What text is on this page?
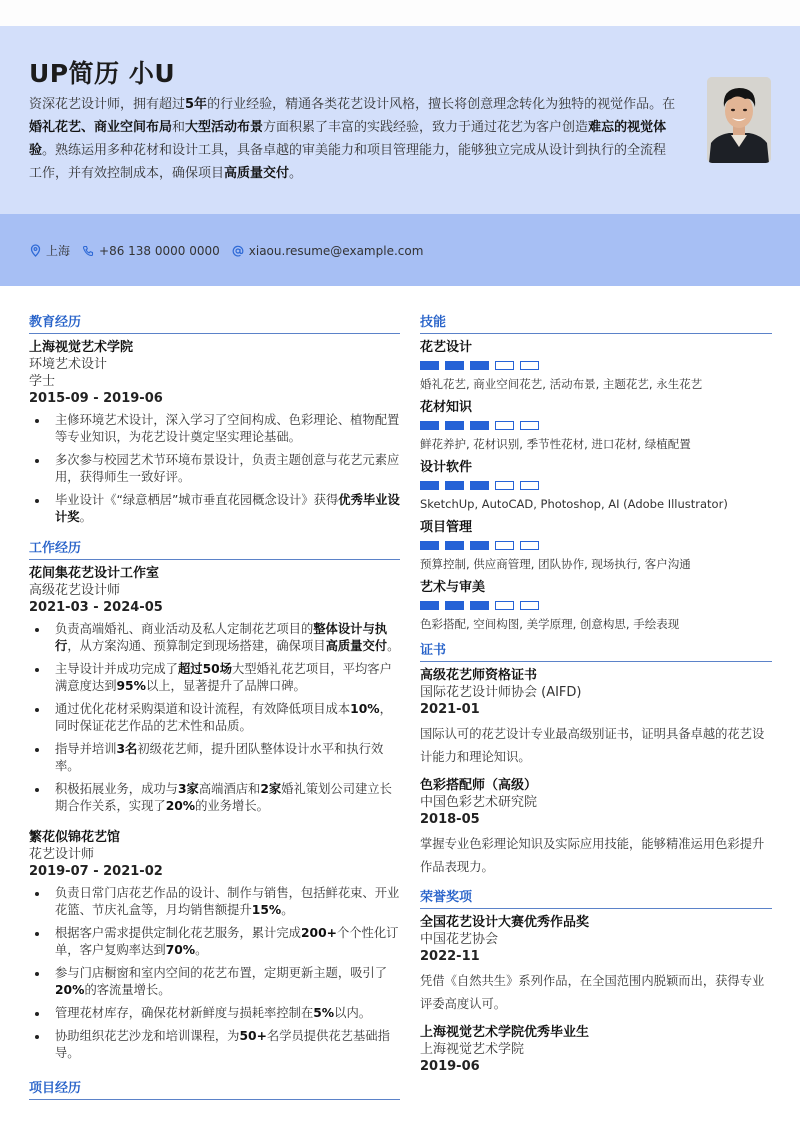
UP简历 小U

资深花艺设计师，拥有超过5年的行业经验，精通各类花艺设计风格，擅长将创意理念转化为独特的视觉作品。在婚礼花艺、商业空间布局和大型活动布景方面积累了丰富的实践经验，致力于通过花艺为客户创造难忘的视觉体验。熟练运用多种花材和设计工具，具备卓越的审美能力和项目管理能力，能够独立完成从设计到执行的全流程工作，并有效控制成本，确保项目高质量交付。

上海 +86 138 0000 0000 xiaou.resume@example.com
教育经历
上海视觉艺术学院
环境艺术设计
学士
2015-09 - 2019-06
主修环境艺术设计，深入学习了空间构成、色彩理论、植物配置等专业知识，为花艺设计奠定坚实理论基础。
多次参与校园艺术节环境布景设计，负责主题创意与花艺元素应用，获得师生一致好评。
毕业设计《“绿意栖居”城市垂直花园概念设计》获得优秀毕业设计奖。
工作经历
花间集花艺设计工作室
高级花艺设计师
2021-03 - 2024-05
负责高端婚礼、商业活动及私人定制花艺项目的整体设计与执行，从方案沟通、预算制定到现场搭建，确保项目高质量交付。
主导设计并成功完成了超过50场大型婚礼花艺项目，平均客户满意度达到95%以上，显著提升了品牌口碑。
通过优化花材采购渠道和设计流程，有效降低项目成本10%，同时保证花艺作品的艺术性和品质。
指导并培训3名初级花艺师，提升团队整体设计水平和执行效率。
积极拓展业务，成功与3家高端酒店和2家婚礼策划公司建立长期合作关系，实现了20%的业务增长。
繁花似锦花艺馆
花艺设计师
2019-07 - 2021-02
负责日常门店花艺作品的设计、制作与销售，包括鲜花束、开业花篮、节庆礼盒等，月均销售额提升15%。
根据客户需求提供定制化花艺服务，累计完成200+个个性化订单，客户复购率达到70%。
参与门店橱窗和室内空间的花艺布置，定期更新主题，吸引了20%的客流量增长。
管理花材库存，确保花材新鲜度与损耗率控制在5%以内。
协助组织花艺沙龙和培训课程，为50+名学员提供花艺基础指导。
项目经历
技能
花艺设计
婚礼花艺, 商业空间花艺, 活动布景, 主题花艺, 永生花艺
花材知识
鲜花养护, 花材识别, 季节性花材, 进口花材, 绿植配置
设计软件
SketchUp, AutoCAD, Photoshop, AI (Adobe Illustrator)
项目管理
预算控制, 供应商管理, 团队协作, 现场执行, 客户沟通
艺术与审美
色彩搭配, 空间构图, 美学原理, 创意构思, 手绘表现
证书
高级花艺师资格证书
国际花艺设计师协会 (AIFD)
2021-01
国际认可的花艺设计专业最高级别证书，证明具备卓越的花艺设计能力和理论知识。
色彩搭配师（高级）
中国色彩艺术研究院
2018-05
掌握专业色彩理论知识及实际应用技能，能够精准运用色彩提升作品表现力。
荣誉奖项
全国花艺设计大赛优秀作品奖
中国花艺协会
2022-11
凭借《自然共生》系列作品，在全国范围内脱颖而出，获得专业评委高度认可。
上海视觉艺术学院优秀毕业生
上海视觉艺术学院
2019-06
